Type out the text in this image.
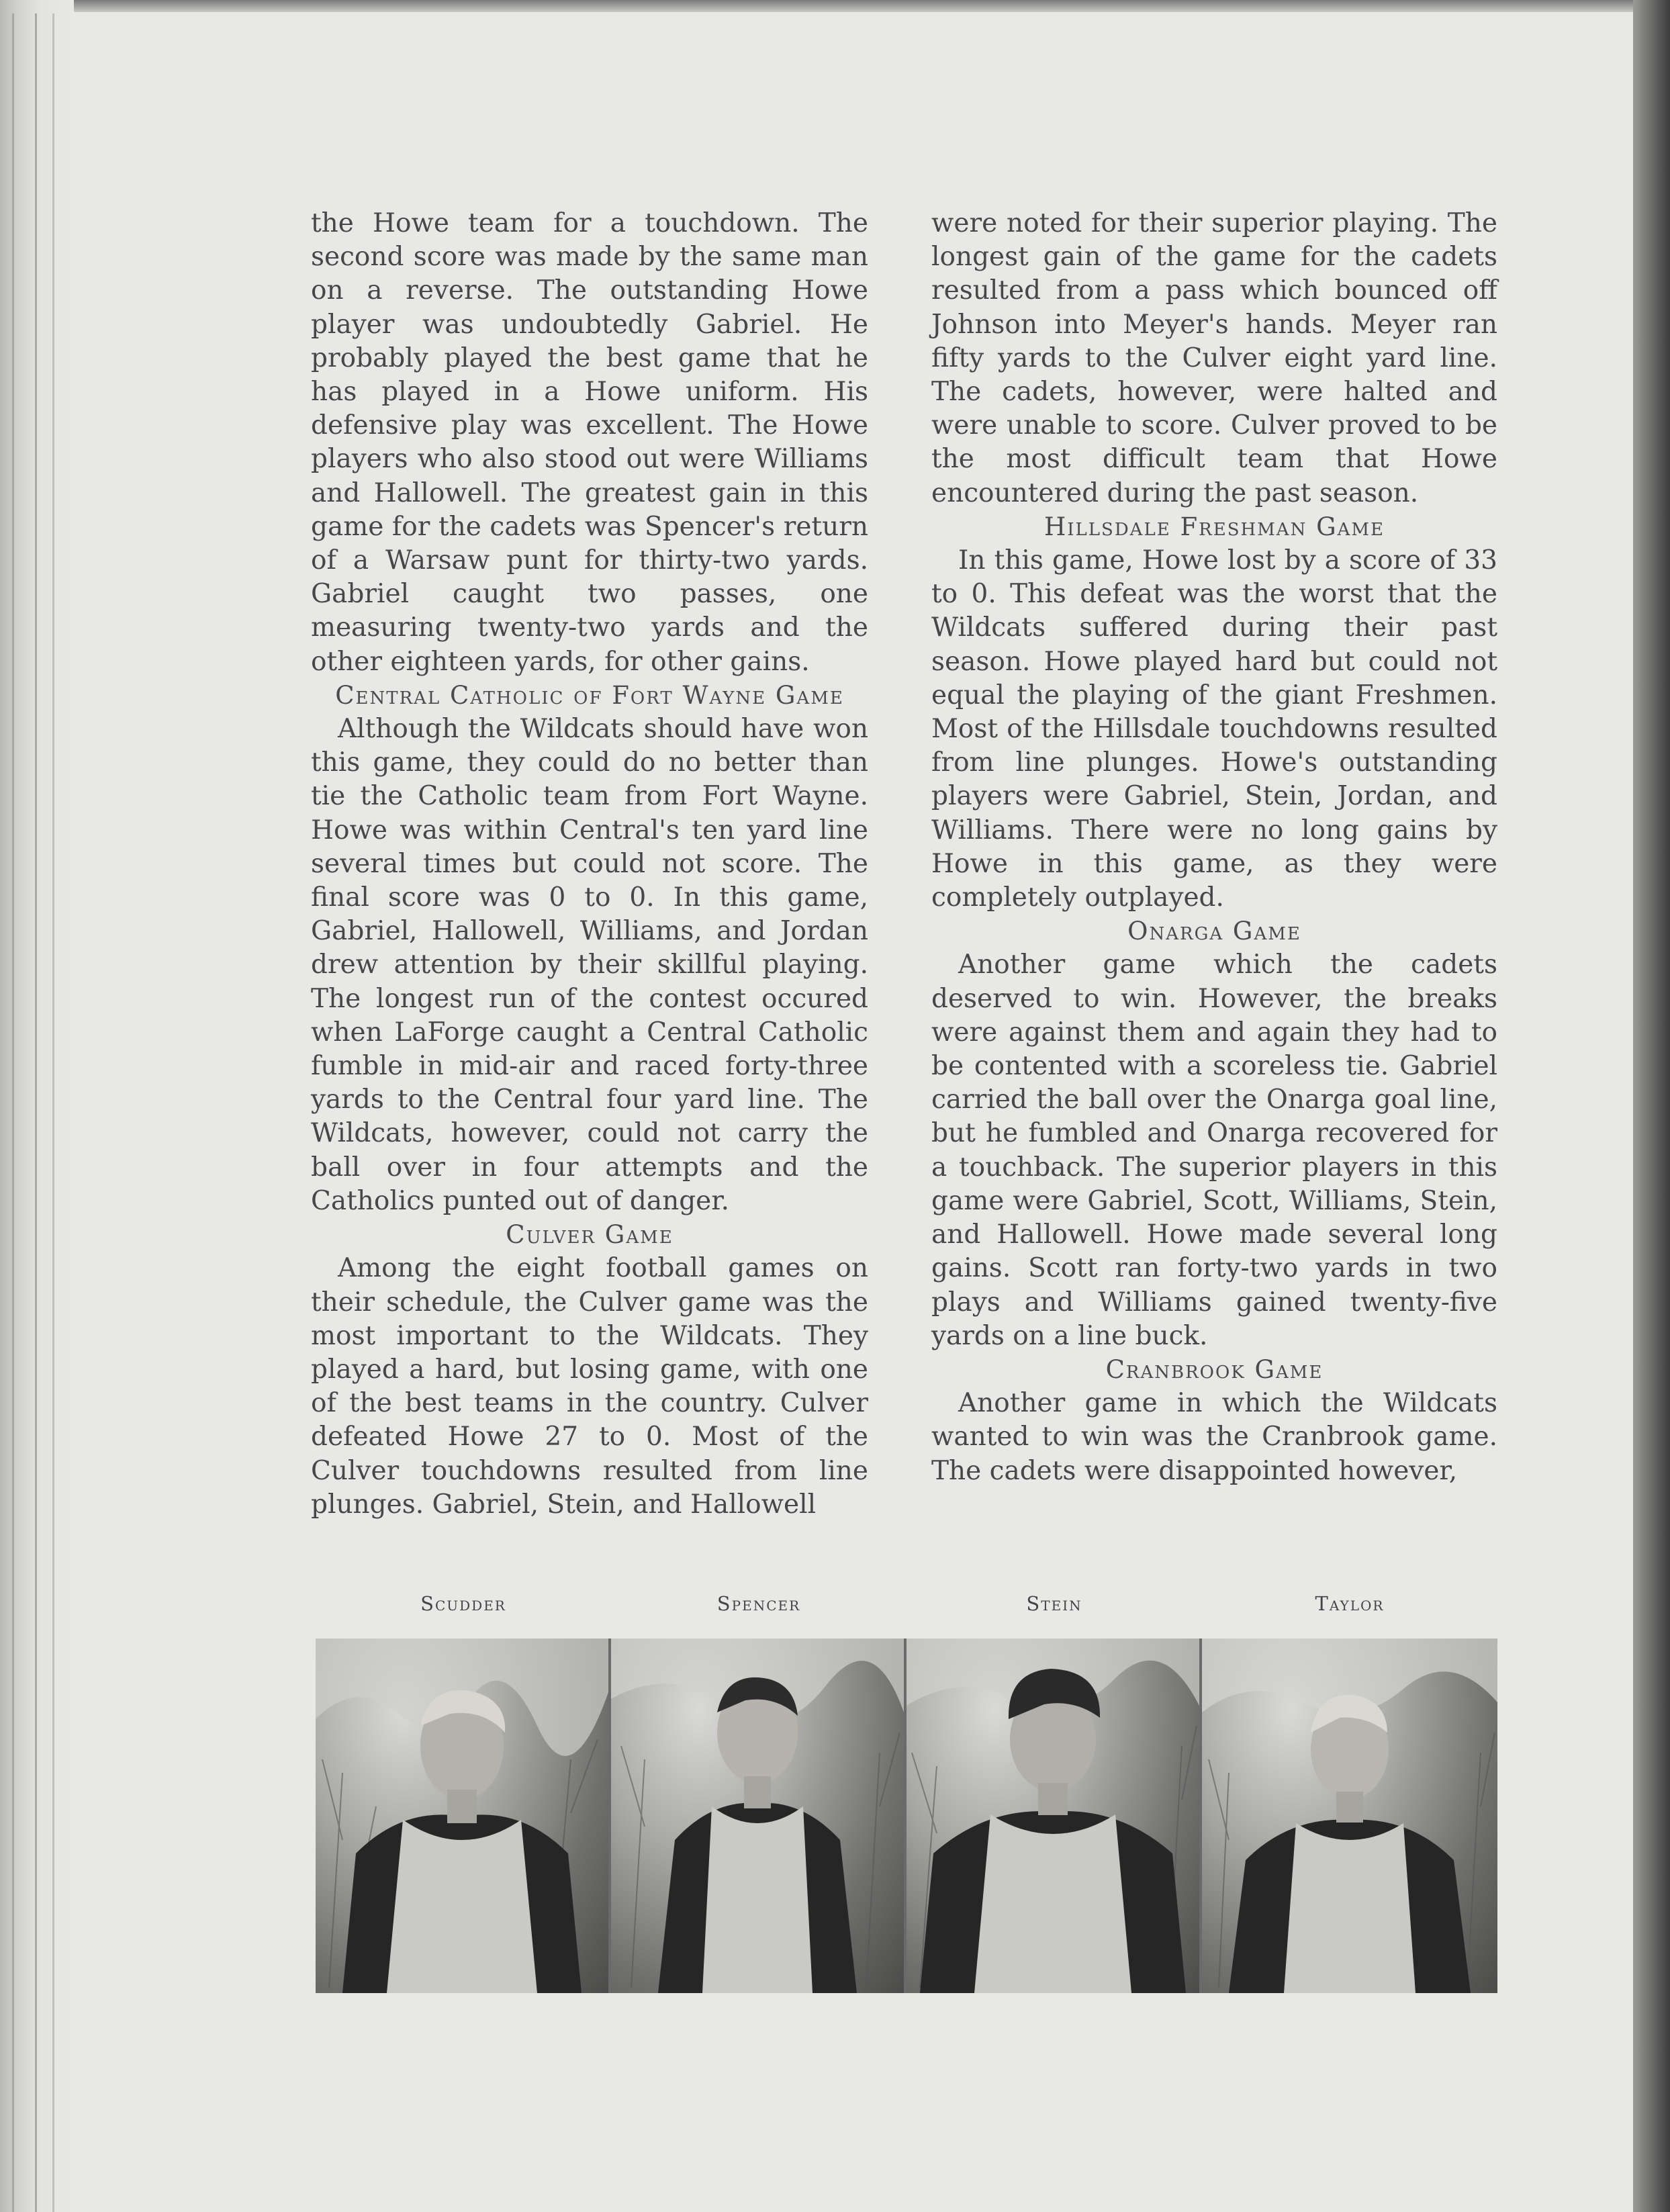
the Howe team for a touchdown. The second score was made by the same man on a reverse. The outstanding Howe player was undoubtedly Gabriel. He probably played the best game that he has played in a Howe uniform. His defensive play was excellent. The Howe players who also stood out were Williams and Hallowell. The greatest gain in this game for the cadets was Spencer's return of a Warsaw punt for thirty-two yards. Gabriel caught two passes, one measuring twenty-two yards and the other eighteen yards, for other gains.

Central Catholic of Fort Wayne Game

Although the Wildcats should have won this game, they could do no better than tie the Catholic team from Fort Wayne. Howe was within Central's ten yard line several times but could not score. The final score was 0 to 0. In this game, Gabriel, Hallowell, Williams, and Jordan drew attention by their skillful playing. The longest run of the contest occured when LaForge caught a Central Catholic fumble in mid-air and raced forty-three yards to the Central four yard line. The Wildcats, however, could not carry the ball over in four attempts and the Catholics punted out of danger.

Culver Game

Among the eight football games on their schedule, the Culver game was the most important to the Wildcats. They played a hard, but losing game, with one of the best teams in the country. Culver defeated Howe 27 to 0. Most of the Culver touchdowns resulted from line plunges. Gabriel, Stein, and Hallowell

were noted for their superior playing. The longest gain of the game for the cadets resulted from a pass which bounced off Johnson into Meyer's hands. Meyer ran fifty yards to the Culver eight yard line. The cadets, however, were halted and were unable to score. Culver proved to be the most difficult team that Howe encountered during the past season.

Hillsdale Freshman Game

In this game, Howe lost by a score of 33 to 0. This defeat was the worst that the Wildcats suffered during their past season. Howe played hard but could not equal the playing of the giant Freshmen. Most of the Hillsdale touchdowns resulted from line plunges. Howe's outstanding players were Gabriel, Stein, Jordan, and Williams. There were no long gains by Howe in this game, as they were completely outplayed.

Onarga Game

Another game which the cadets deserved to win. However, the breaks were against them and again they had to be contented with a scoreless tie. Gabriel carried the ball over the Onarga goal line, but he fumbled and Onarga recovered for a touchback. The superior players in this game were Gabriel, Scott, Williams, Stein, and Hallowell. Howe made several long gains. Scott ran forty-two yards in two plays and Williams gained twenty-five yards on a line buck.

Cranbrook Game

Another game in which the Wildcats wanted to win was the Cranbrook game. The cadets were disappointed however,

Scudder	Spencer	Stein	Taylor
